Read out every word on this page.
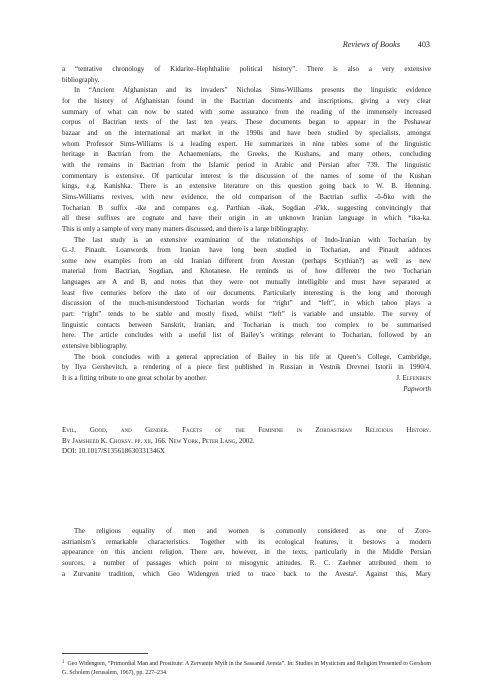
Reviews of Books	403

a “tentative chronology of Kidarite–Hephthalite political history”. There is also a very extensive

bibliography.

In “Ancient Afghanistan and its invaders” Nicholas Sims-Williams presents the linguistic evidence

for the history of Afghanistan found in the Bactrian documents and inscriptions, giving a very clear

summary of what can now be stated with some assurance from the reading of the immensely increased

corpus of Bactrian texts of the last ten years. These documents began to appear in the Peshawar

bazaar and on the international art market in the 1990s and have been studied by specialists, amongst

whom Professor Sims-Williams is a leading expert. He summarizes in nine tables some of the linguistic

heritage in Bactrian from the Achaemenians, the Greeks, the Kushans, and many others, concluding

with the remains in Bactrian from the Islamic period in Arabic and Persian after 739. The linguistic

commentary is extensive. Of particular interest is the discussion of the names of some of the Kushan

kings, e.g. Kanishka. There is an extensive literature on this question going back to W. B. Henning.

Sims-Williams revives, with new evidence, the old comparison of the Bactrian suffix -ŏ-ẟko with the

Tocharian B suffix -ike and compares e.g. Parthian -ikak, Sogdian -ĕ'kk, suggesting convincingly that

all these suffixes are cognate and have their origin in an unknown Iranian language in which *ikә-ka.

This is only a sample of very many matters discussed, and there is a large bibliography.

The last study is an extensive examination of the relationships of Indo-Iranian with Tocharian by

G.-J. Pinault. Loanwords from Iranian have long been studied in Tocharian, and Pinault adduces

some new examples from an old Iranian different from Avestan (perhaps Scythian?) as well as new

material from Bactrian, Sogdian, and Khotanese. He reminds us of how different the two Tocharian

languages are A and B, and notes that they were not mutually intelligible and must have separated at

least five centuries before the date of our documents. Particularly interesting is the long and thorough

discussion of the much-misunderstood Tocharian words for “right” and “left”, in which taboo plays a

part: “right” tends to be stable and mostly fixed, whilst “left” is variable and unstable. The survey of

linguistic contacts between Sanskrit, Iranian, and Tocharian is much too complex to be summarised

here. The article concludes with a useful list of Bailey’s writings relevant to Tocharian, followed by an

extensive bibliography.

The book concludes with a general appreciation of Bailey in his life at Queen’s College, Cambridge,

by Ilya Gershevitch, a rendering of a piece first published in Russian in Vestnik Drevnei Istorii in 1990/4.

It is a fitting tribute to one great scholar by another.	J. Elfenbein
Papworth

Evil, Good, and Gender. Facets of the Feminine in Zoroastrian Religious History.

By Jamsheed K. Choksy. pp. xii, 166. New York, Peter Lang, 2002.

DOI: 10.1017/S135618630331346X

The religious equality of men and women is commonly considered as one of Zoro-

astrianism’s remarkable characteristics. Together with its ecological features, it bestows a modern

appearance on this ancient religion. There are, however, in the texts, particularly in the Middle Persian

sources, a number of passages which point to misogynic attitudes. R. C. Zaehner attributed them to

a Zurvanite tradition, which Geo Widengren tried to trace back to the Avesta¹. Against this, Mary

$^1$ Geo Widengren, “Primordial Man and Prostitute: A Zervanite Myth in the Sassanid Avesta”. In: Studies in Mysticism and Religion Presented to Gershom G. Scholem (Jerusalem, 1967), pp. 227–234.
